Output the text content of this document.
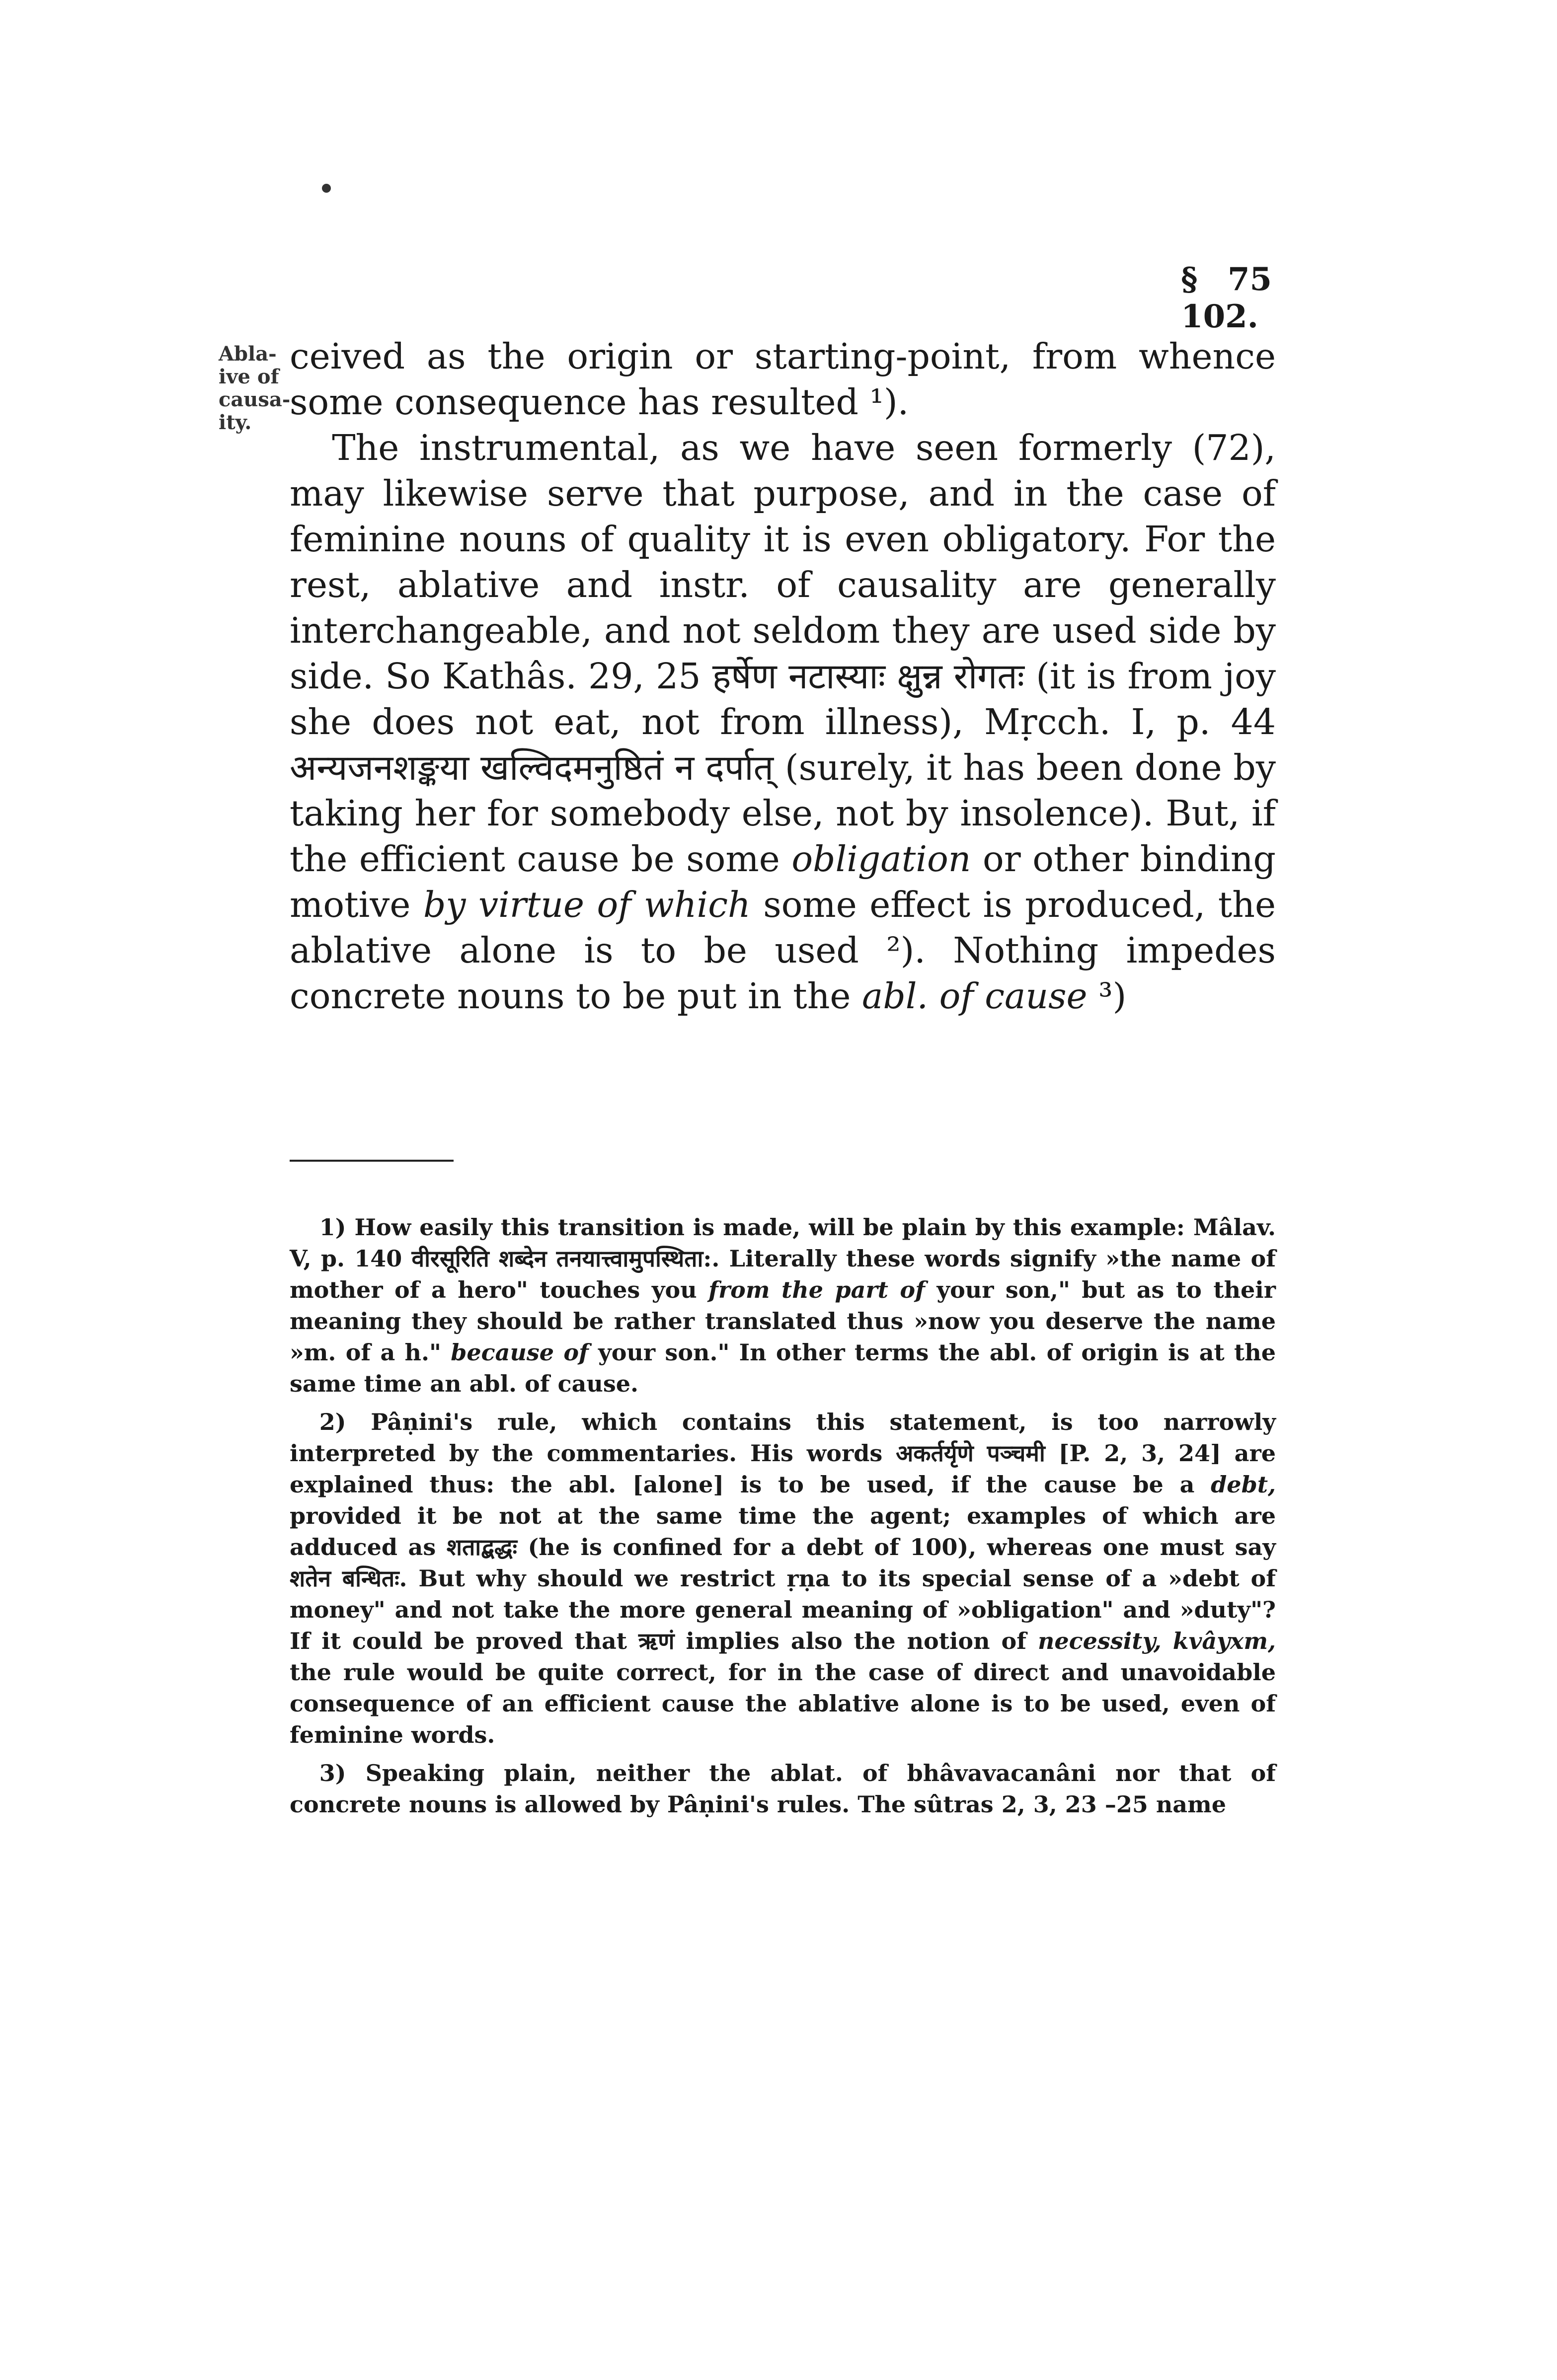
§ 102.
75
Abla-
ive of
causa-
ity.

ceived as the origin or starting-point, from whence some consequence has resulted ¹).

The instrumental, as we have seen formerly (72), may likewise serve that purpose, and in the case of feminine nouns of quality it is even obligatory. For the rest, ablative and instr. of causality are generally interchangeable, and not seldom they are used side by side. So Kathâs. 29, 25 हर्षेण नटास्याः क्षुन्न रोगतः (it is from joy she does not eat, not from illness), Mṛcch. I, p. 44 अन्यजनशङ्कया खल्विदमनुष्ठितं न दर्पात् (surely, it has been done by taking her for somebody else, not by insolence). But, if the efficient cause be some obligation or other binding motive by virtue of which some effect is produced, the ablative alone is to be used ²). Nothing impedes concrete nouns to be put in the abl. of cause ³)

1) How easily this transition is made, will be plain by this example: Mâlav. V, p. 140 वीरसूरिति शब्देन तनयात्त्वामुपस्थिता:. Literally these words signify »the name of mother of a hero" touches you from the part of your son," but as to their meaning they should be rather translated thus »now you deserve the name »m. of a h." because of your son." In other terms the abl. of origin is at the same time an abl. of cause.

2) Pâṇini's rule, which contains this statement, is too narrowly interpreted by the commentaries. His words अकर्तर्यृणे पञ्चमी [P. 2, 3, 24] are explained thus: the abl. [alone] is to be used, if the cause be a debt, provided it be not at the same time the agent; examples of which are adduced as शताद्बद्धः (he is confined for a debt of 100), whereas one must say शतेन बन्धितः. But why should we restrict ṛṇa to its special sense of a »debt of money" and not take the more general meaning of »obligation" and »duty"? If it could be proved that ऋणं implies also the notion of necessity, kvâyxm, the rule would be quite correct, for in the case of direct and unavoidable consequence of an efficient cause the ablative alone is to be used, even of feminine words.

3) Speaking plain, neither the ablat. of bhâvavacanâni nor that of concrete nouns is allowed by Pâṇini's rules. The sûtras 2, 3, 23 –25 name
